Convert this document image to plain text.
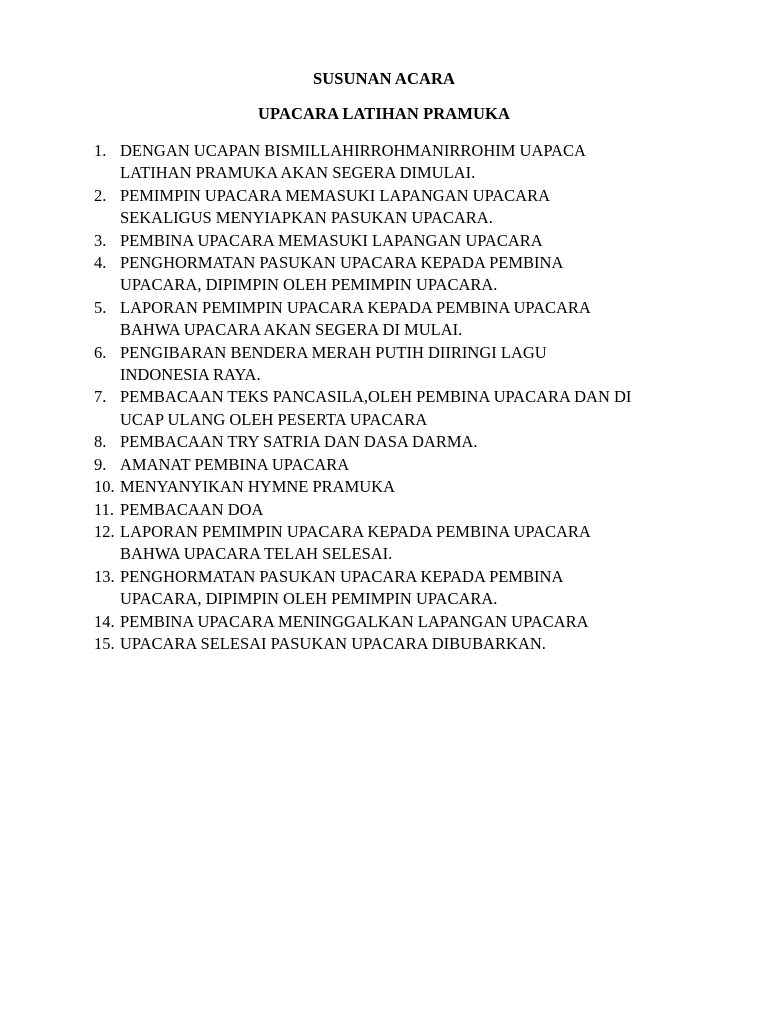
SUSUNAN ACARA
UPACARA LATIHAN PRAMUKA
1. DENGAN UCAPAN BISMILLAHIRROHMANIRROHIM UAPACA
LATIHAN PRAMUKA AKAN SEGERA DIMULAI.
2. PEMIMPIN UPACARA MEMASUKI LAPANGAN UPACARA
SEKALIGUS MENYIAPKAN PASUKAN UPACARA.
3. PEMBINA UPACARA MEMASUKI LAPANGAN UPACARA
4. PENGHORMATAN PASUKAN UPACARA KEPADA PEMBINA
UPACARA, DIPIMPIN OLEH PEMIMPIN UPACARA.
5. LAPORAN PEMIMPIN UPACARA KEPADA PEMBINA UPACARA
BAHWA UPACARA AKAN SEGERA DI MULAI.
6. PENGIBARAN BENDERA MERAH PUTIH DIIRINGI LAGU
INDONESIA RAYA.
7. PEMBACAAN TEKS PANCASILA,OLEH PEMBINA UPACARA DAN DI
UCAP ULANG OLEH PESERTA UPACARA
8. PEMBACAAN TRY SATRIA DAN DASA DARMA.
9. AMANAT PEMBINA UPACARA
10. MENYANYIKAN HYMNE PRAMUKA
11. PEMBACAAN DOA
12. LAPORAN PEMIMPIN UPACARA KEPADA PEMBINA UPACARA
BAHWA UPACARA TELAH SELESAI.
13. PENGHORMATAN PASUKAN UPACARA KEPADA PEMBINA
UPACARA, DIPIMPIN OLEH PEMIMPIN UPACARA.
14. PEMBINA UPACARA MENINGGALKAN LAPANGAN UPACARA
15. UPACARA SELESAI PASUKAN UPACARA DIBUBARKAN.
